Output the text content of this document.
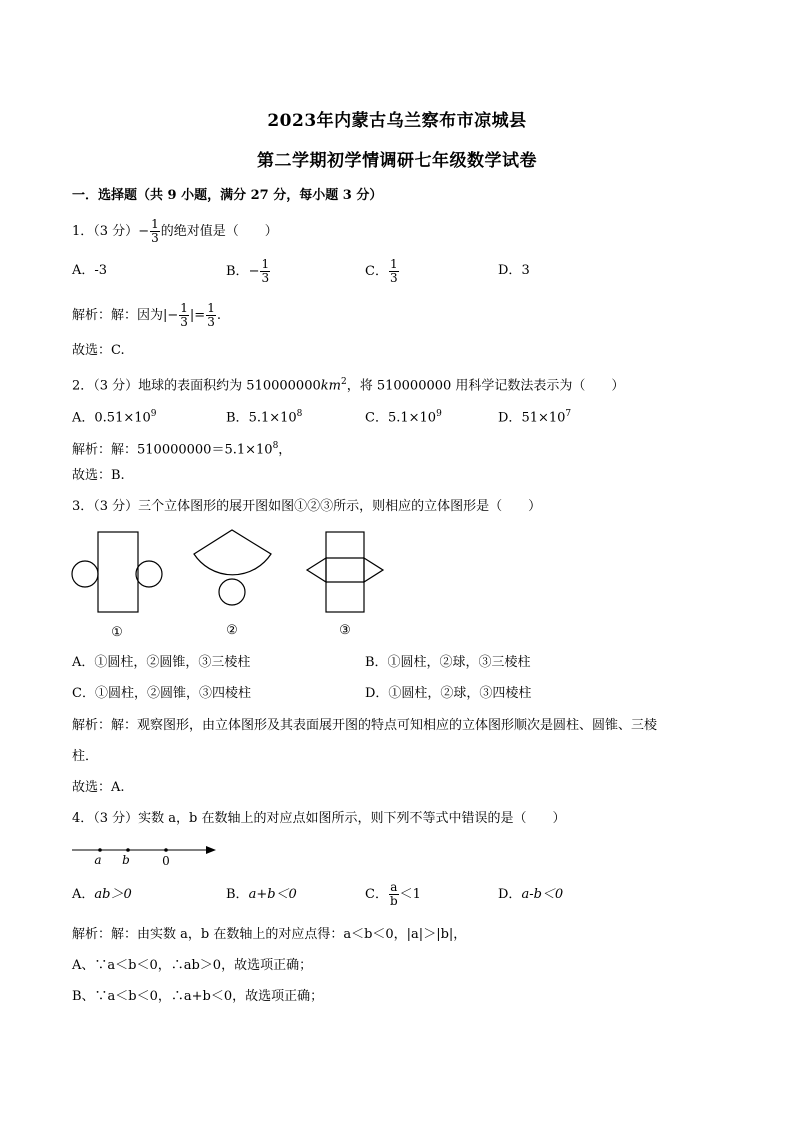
2023年内蒙古乌兰察布市凉城县
第二学期初学情调研七年级数学试卷
一．选择题（共 9 小题，满分 27 分，每小题 3 分）
1．（3 分）− $\frac{1}{3}$ 的绝对值是（　　）
A．-3	B．− $\frac{1}{3}$	C． $\frac{1}{3}$	D．3
解析：解：因为|− $\frac{1}{3}$ |= $\frac{1}{3}$ .
故选：C.
2．（3 分）地球的表面积约为 $510000000km^2$，将 510000000 用科学记数法表示为（　　）
A．$0.51\times 10^9$	B．$5.1\times 10^8$	C．$5.1\times 10^9$	D．$51\times 10^7$
解析：解：$510000000=5.1\times 10^8$，
故选：B.
3．（3 分）三个立体图形的展开图如图①②③所示，则相应的立体图形是（　　）
①	②	③
A．①圆柱，②圆锥，③三棱柱	B．①圆柱，②球，③三棱柱
C．①圆柱，②圆锥，③四棱柱	D．①圆柱，②球，③四棱柱
解析：解：观察图形，由立体图形及其表面展开图的特点可知相应的立体图形顺次是圆柱、圆锥、三棱
柱．
故选：A.
4．（3 分）实数 a，b 在数轴上的对应点如图所示，则下列不等式中错误的是（　　）
a b	0
A．ab＞0	B．a+b＜0	C． $\frac{a}{b} <1$	D．a-b＜0
解析：解：由实数 a，b 在数轴上的对应点得：a＜b＜0，|a|＞|b|，
A、∵a＜b＜0，∴ab＞0，故选项正确；
B、∵a＜b＜0，∴a+b＜0，故选项正确；
